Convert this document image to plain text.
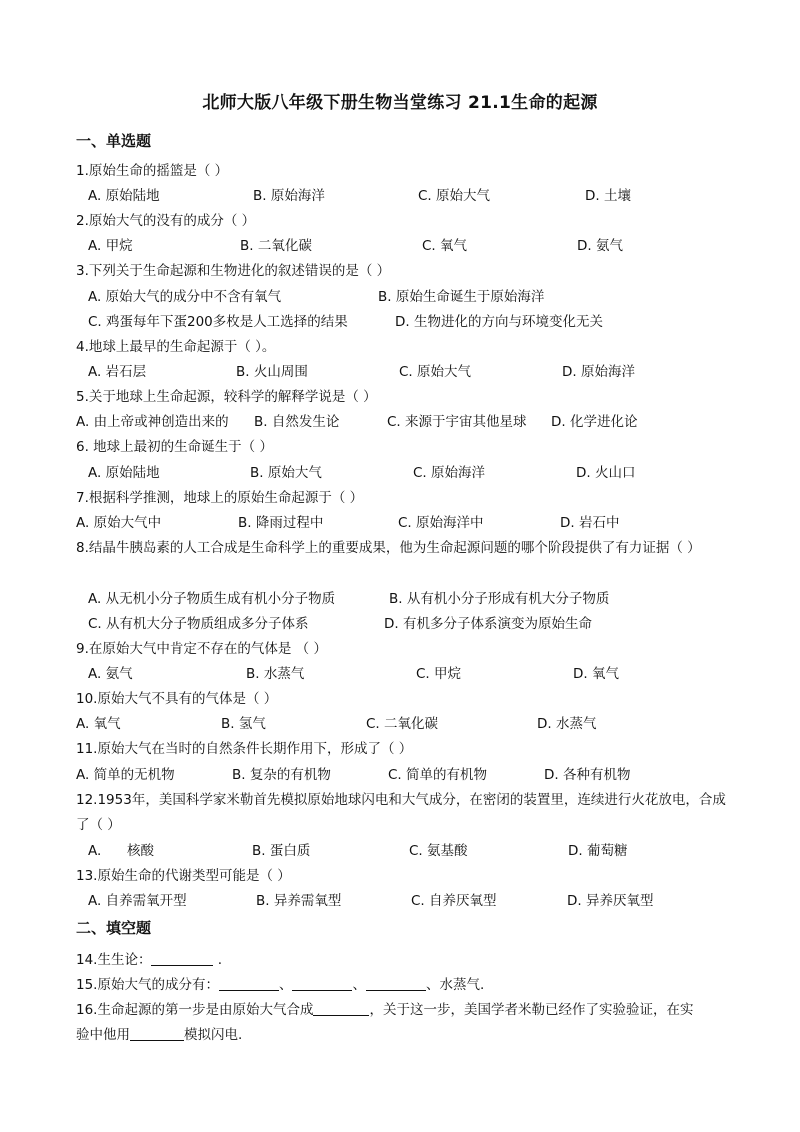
北师大版八年级下册生物当堂练习 21.1生命的起源
一、单选题
1.原始生命的摇篮是（ ）
A. 原始陆地	B. 原始海洋	C. 原始大气	D. 土壤
2.原始大气的没有的成分（ ）
A. 甲烷	B. 二氧化碳	C. 氧气	D. 氨气
3.下列关于生命起源和生物进化的叙述错误的是（ ）
A. 原始大气的成分中不含有氧气	B. 原始生命诞生于原始海洋
C. 鸡蛋每年下蛋200多枚是人工选择的结果	D. 生物进化的方向与环境变化无关
4.地球上最早的生命起源于（ ）。
A. 岩石层	B. 火山周围	C. 原始大气	D. 原始海洋
5.关于地球上生命起源，较科学的解释学说是（ ）
A. 由上帝或神创造出来的 B. 自然发生论	C. 来源于宇宙其他星球 D. 化学进化论
6. 地球上最初的生命诞生于（ ）
A. 原始陆地	B. 原始大气	C. 原始海洋	D. 火山口
7.根据科学推测，地球上的原始生命起源于（ ）
A. 原始大气中	B. 降雨过程中	C. 原始海洋中	D. 岩石中
8.结晶牛胰岛素的人工合成是生命科学上的重要成果，他为生命起源问题的哪个阶段提供了有力证据（ ）
A. 从无机小分子物质生成有机小分子物质	B. 从有机小分子形成有机大分子物质
C. 从有机大分子物质组成多分子体系	D. 有机多分子体系演变为原始生命
9.在原始大气中肯定不存在的气体是 （ ）
A. 氨气	B. 水蒸气	C. 甲烷	D. 氧气
10.原始大气不具有的气体是（ ）
A. 氧气	B. 氢气	C. 二氧化碳	D. 水蒸气
11.原始大气在当时的自然条件长期作用下，形成了（ ）
A. 简单的无机物	B. 复杂的有机物	C. 简单的有机物	D. 各种有机物
12.1953年，美国科学家米勒首先模拟原始地球闪电和大气成分，在密闭的装置里，连续进行火花放电，合成了（ ）
A.      核酸	B. 蛋白质	C. 氨基酸	D. 葡萄糖
13.原始生命的代谢类型可能是（ ）
A. 自养需氧开型	B. 异养需氧型	C. 自养厌氧型	D. 异养厌氧型
二、填空题
14.生生论：	.
15.原始大气的成分有：	、	、	、水蒸气.
16.生命起源的第一步是由原始大气合成	，关于这一步，美国学者米勒已经作了实验验证，在实
验中他用	模拟闪电.
